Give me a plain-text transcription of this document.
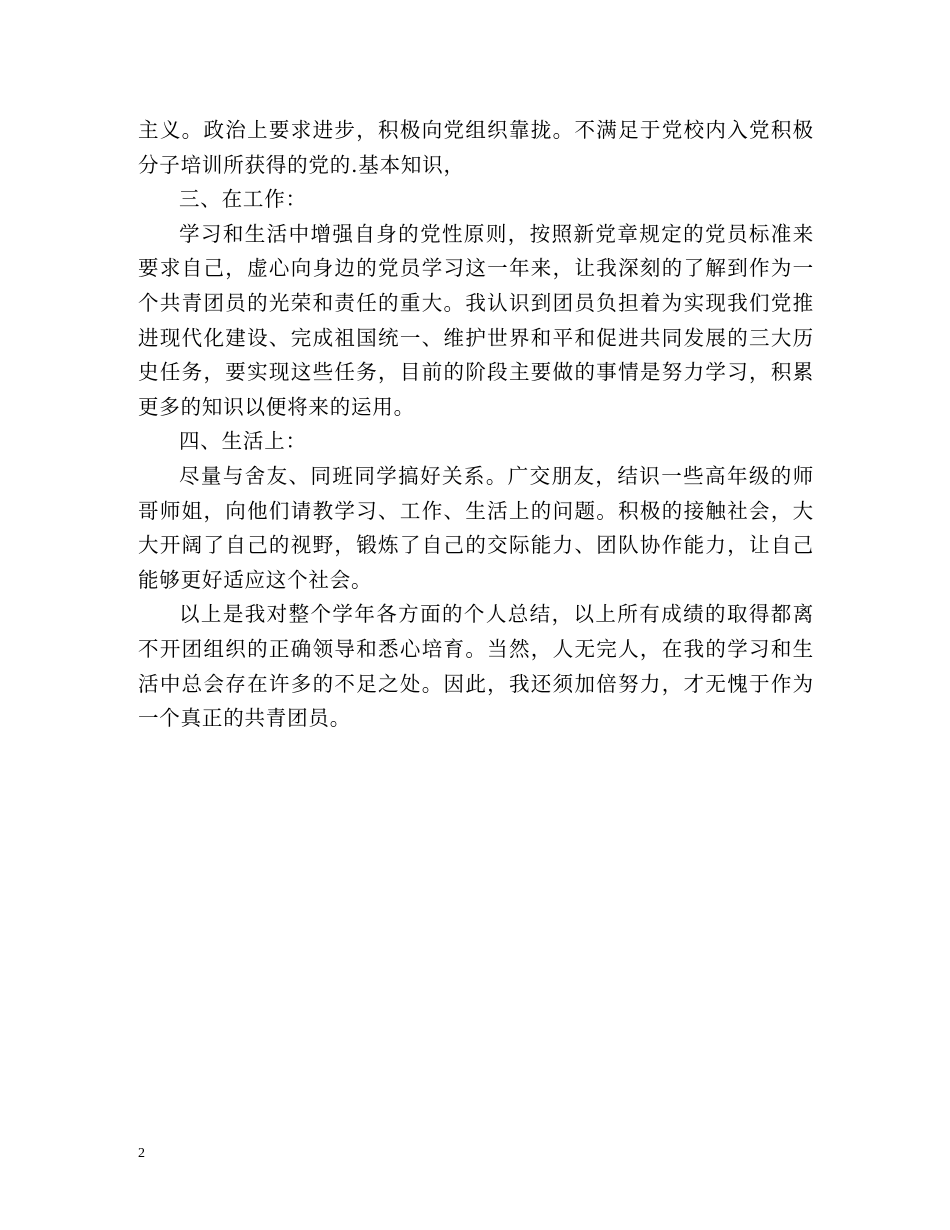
主义。政治上要求进步，积极向党组织靠拢。不满足于党校内入党积极分子培训所获得的党的.基本知识，

三、在工作：

学习和生活中增强自身的党性原则，按照新党章规定的党员标准来要求自己，虚心向身边的党员学习这一年来，让我深刻的了解到作为一个共青团员的光荣和责任的重大。我认识到团员负担着为实现我们党推进现代化建设、完成祖国统一、维护世界和平和促进共同发展的三大历史任务，要实现这些任务，目前的阶段主要做的事情是努力学习，积累更多的知识以便将来的运用。

四、生活上：

尽量与舍友、同班同学搞好关系。广交朋友，结识一些高年级的师哥师姐，向他们请教学习、工作、生活上的问题。积极的接触社会，大大开阔了自己的视野，锻炼了自己的交际能力、团队协作能力，让自己能够更好适应这个社会。

以上是我对整个学年各方面的个人总结，以上所有成绩的取得都离不开团组织的正确领导和悉心培育。当然，人无完人，在我的学习和生活中总会存在许多的不足之处。因此，我还须加倍努力，才无愧于作为一个真正的共青团员。

2
